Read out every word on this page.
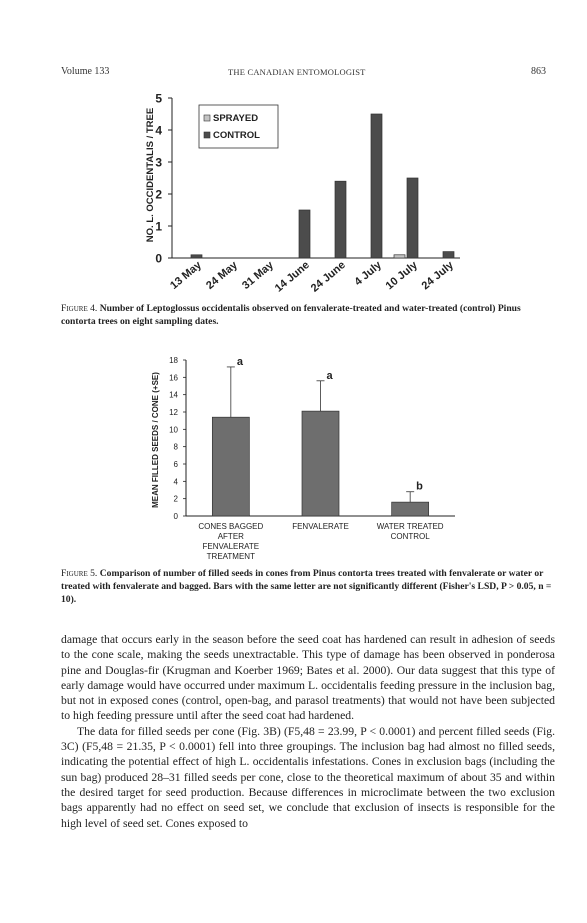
Volume 133	THE CANADIAN ENTOMOLOGIST	863
0
1
2
3
4
5
13 May 24 May 31 May
14 June
24 June 4 July 10 July 24 July
SPRAYED
CONTROL
NO. L. OCCIDENTALIS / TREE
Figure 4. Number of Leptoglossus occidentalis observed on fenvalerate-treated and water-treated (control) Pinus contorta trees on eight sampling dates.
0
2
4
6
8
10
12
14
16
18	a
CONES BAGGED
AFTER
FENVALERATE
TREATMENT
a
FENVALERATE
b
WATER TREATED
CONTROL
MEAN FILLED SEEDS / CONE (+SE)
Figure 5. Comparison of number of filled seeds in cones from Pinus contorta trees treated with fenvalerate or water or treated with fenvalerate and bagged. Bars with the same letter are not significantly different (Fisher's LSD, P > 0.05, n = 10).

damage that occurs early in the season before the seed coat has hardened can result in adhesion of seeds to the cone scale, making the seeds unextractable. This type of damage has been observed in ponderosa pine and Douglas-fir (Krugman and Koerber 1969; Bates et al. 2000). Our data suggest that this type of early damage would have occurred under maximum L. occidentalis feeding pressure in the inclusion bag, but not in exposed cones (control, open-bag, and parasol treatments) that would not have been subjected to high feeding pressure until after the seed coat had hardened.

The data for filled seeds per cone (Fig. 3B) (F5,48 = 23.99, P < 0.0001) and percent filled seeds (Fig. 3C) (F5,48 = 21.35, P < 0.0001) fell into three groupings. The inclusion bag had almost no filled seeds, indicating the potential effect of high L. occidentalis infestations. Cones in exclusion bags (including the sun bag) produced 28–31 filled seeds per cone, close to the theoretical maximum of about 35 and within the desired target for seed production. Because differences in microclimate between the two exclusion bags apparently had no effect on seed set, we conclude that exclusion of insects is responsible for the high level of seed set. Cones exposed to
